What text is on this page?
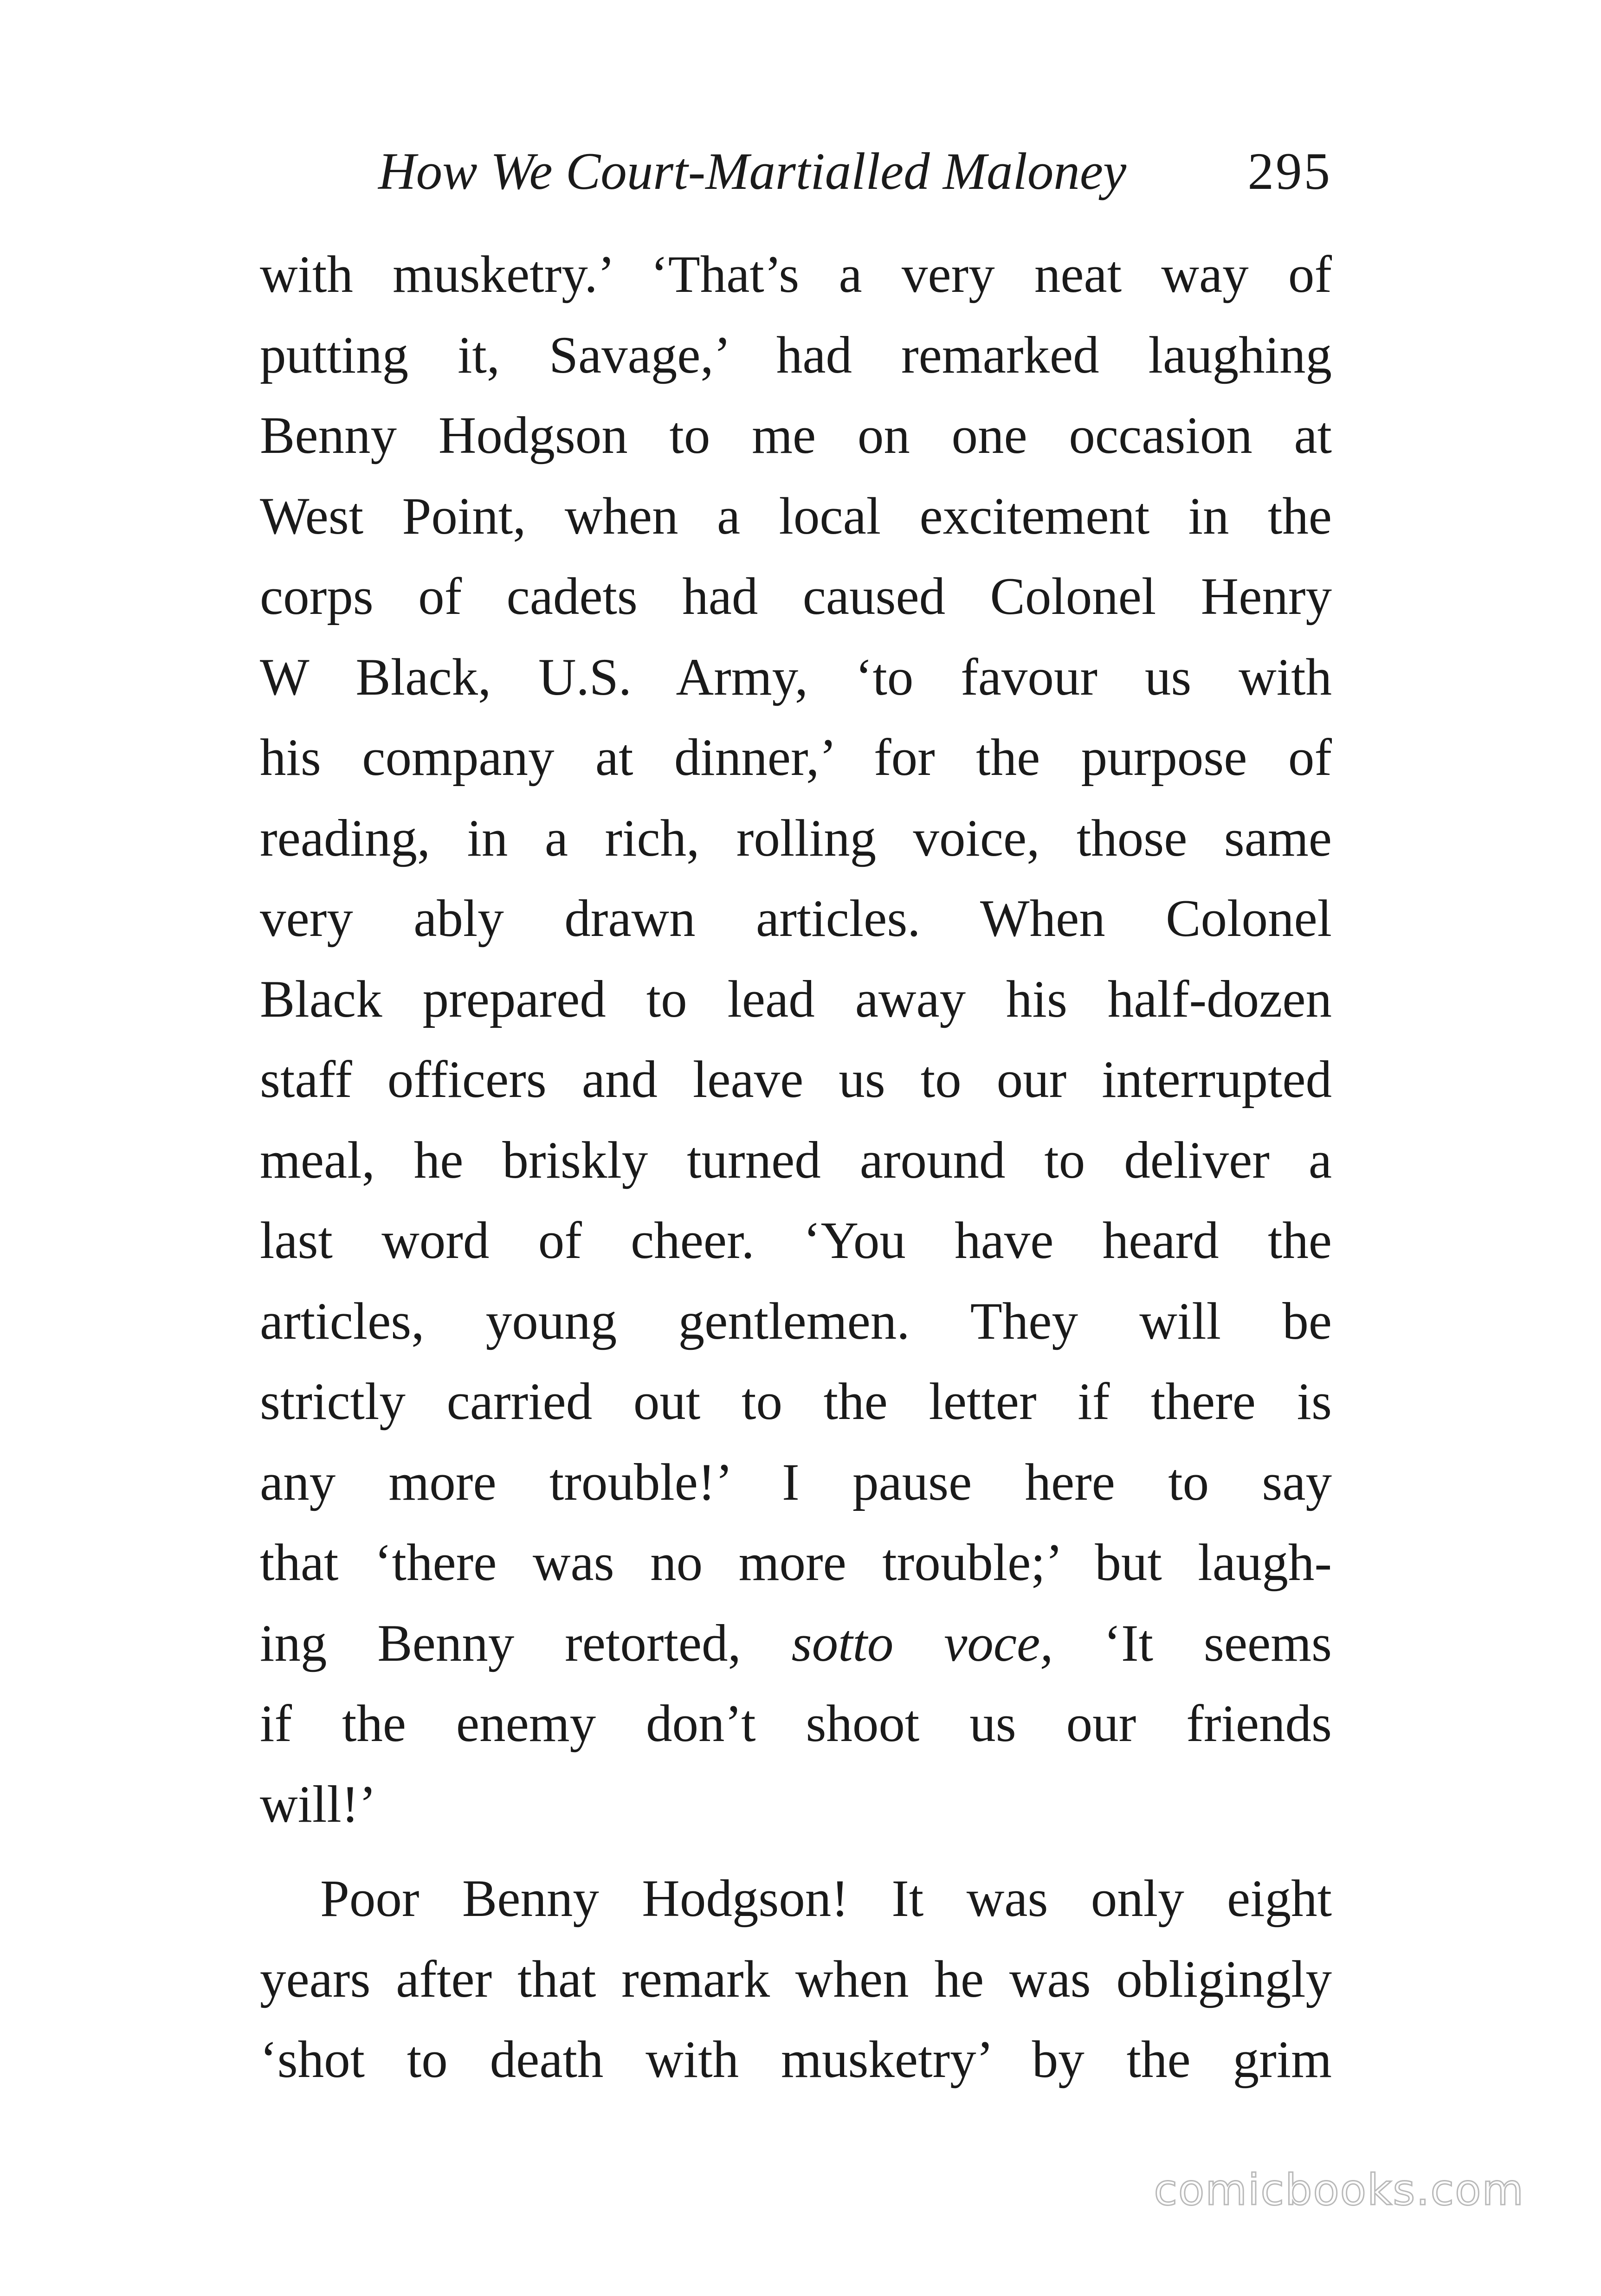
How We Court-Martialled Maloney 295
with musketry.’ ‘That’s a very neat way of
putting it, Savage,’ had remarked laughing
Benny Hodgson to me on one occasion at
West Point, when a local excitement in the
corps of cadets had caused Colonel Henry
W Black, U.S. Army, ‘to favour us with
his company at dinner,’ for the purpose of
reading, in a rich, rolling voice, those same
very ably drawn articles. When Colonel
Black prepared to lead away his half-dozen
staff officers and leave us to our interrupted
meal, he briskly turned around to deliver a
last word of cheer. ‘You have heard the
articles, young gentlemen. They will be
strictly carried out to the letter if there is
any more trouble!’ I pause here to say
that ‘there was no more trouble;’ but laugh-
ing Benny retorted, sotto voce, ‘It seems
if the enemy don’t shoot us our friends
will!’
Poor Benny Hodgson! It was only eight
years after that remark when he was obligingly
‘shot to death with musketry’ by the grim
comicbooks.com
